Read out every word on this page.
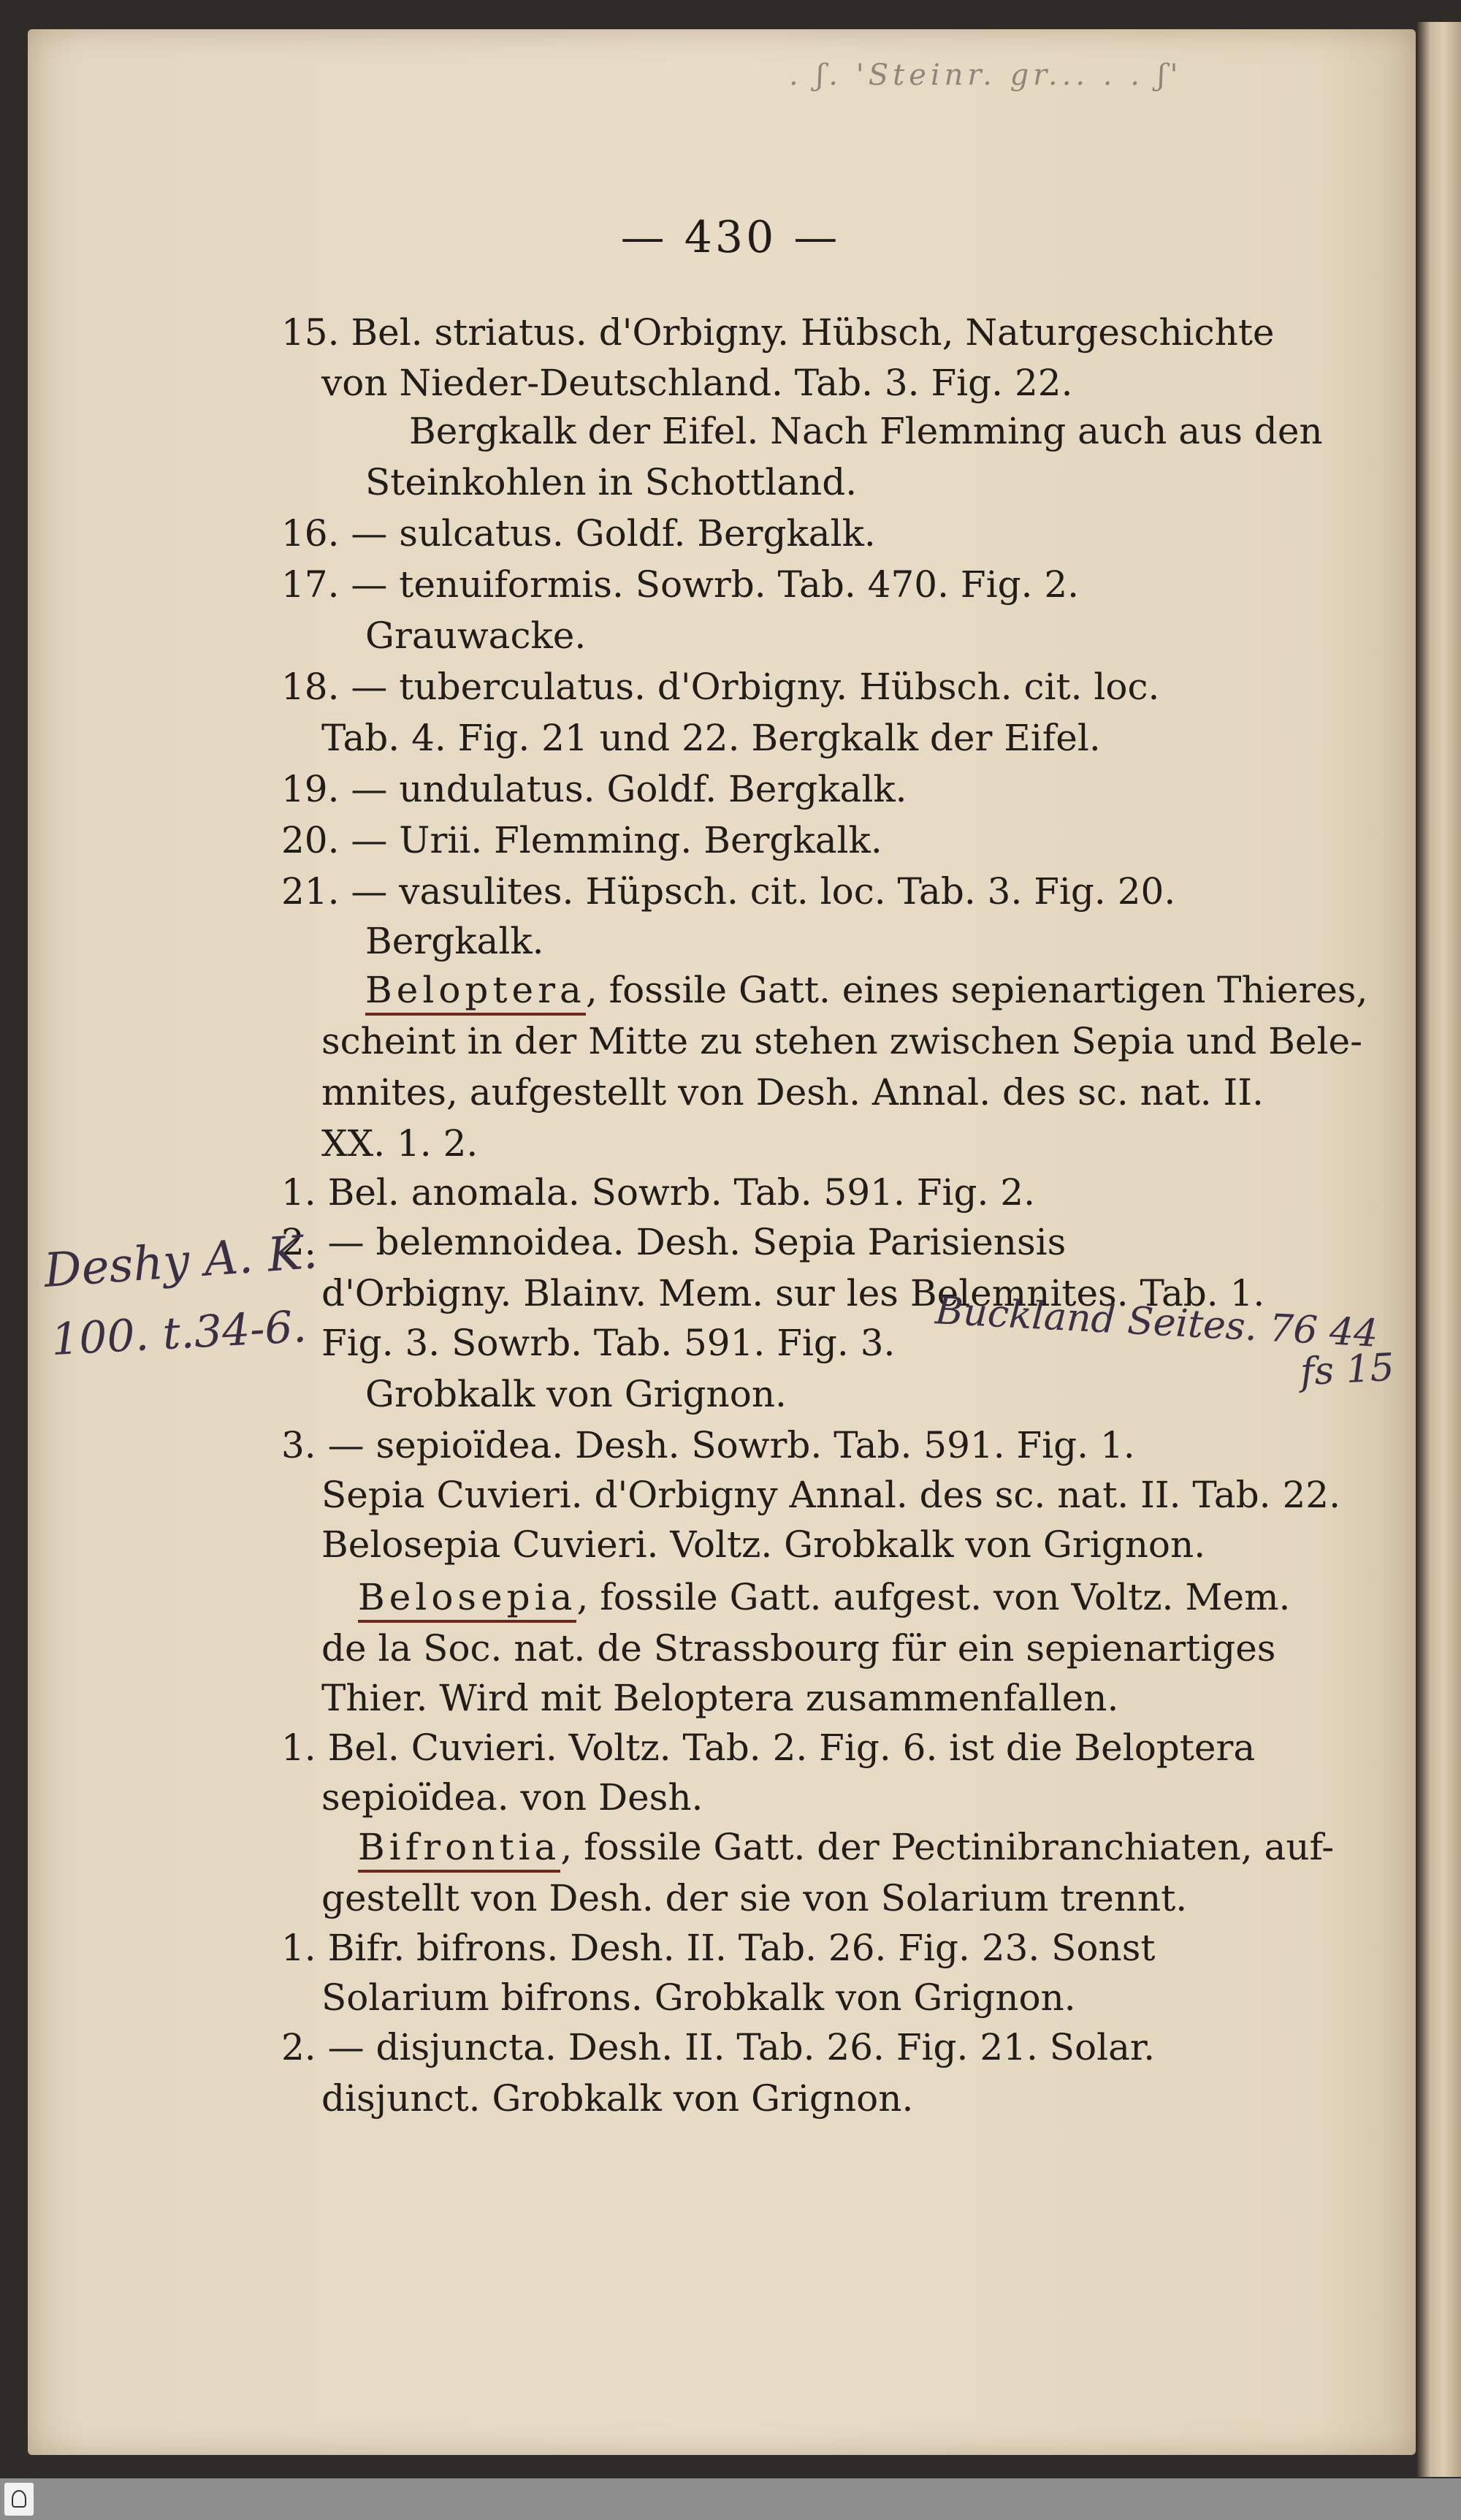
. ʃ. 'Steinr. gr... . . ʃ'
— 430 —
15. Bel. striatus. d'Orbigny. Hübsch, Naturgeschichte
von Nieder-Deutschland. Tab. 3. Fig. 22.
Bergkalk der Eifel. Nach Flemming auch aus den
Steinkohlen in Schottland.
16. — sulcatus. Goldf. Bergkalk.
17. — tenuiformis. Sowrb. Tab. 470. Fig. 2.
Grauwacke.
18. — tuberculatus. d'Orbigny. Hübsch. cit. loc.
Tab. 4. Fig. 21 und 22. Bergkalk der Eifel.
19. — undulatus. Goldf. Bergkalk.
20. — Urii. Flemming. Bergkalk.
21. — vasulites. Hüpsch. cit. loc. Tab. 3. Fig. 20.
Bergkalk.
Beloptera, fossile Gatt. eines sepienartigen Thieres,
scheint in der Mitte zu stehen zwischen Sepia und Bele-
mnites, aufgestellt von Desh. Annal. des sc. nat. II.
XX. 1. 2.
1. Bel. anomala. Sowrb. Tab. 591. Fig. 2.
2. — belemnoidea. Desh. Sepia Parisiensis
d'Orbigny. Blainv. Mem. sur les Belemnites. Tab. 1.
Fig. 3. Sowrb. Tab. 591. Fig. 3.
Grobkalk von Grignon.
3. — sepioïdea. Desh. Sowrb. Tab. 591. Fig. 1.
Sepia Cuvieri. d'Orbigny Annal. des sc. nat. II. Tab. 22.
Belosepia Cuvieri. Voltz. Grobkalk von Grignon.
Belosepia, fossile Gatt. aufgest. von Voltz. Mem.
de la Soc. nat. de Strassbourg für ein sepienartiges
Thier. Wird mit Beloptera zusammenfallen.
1. Bel. Cuvieri. Voltz. Tab. 2. Fig. 6. ist die Beloptera
sepioïdea. von Desh.
Bifrontia, fossile Gatt. der Pectinibranchiaten, auf-
gestellt von Desh. der sie von Solarium trennt.
1. Bifr. bifrons. Desh. II. Tab. 26. Fig. 23. Sonst
Solarium bifrons. Grobkalk von Grignon.
2. — disjuncta. Desh. II. Tab. 26. Fig. 21. Solar.
disjunct. Grobkalk von Grignon.
Deshy A. K.
100. t.34-6.	Buckland Seites. 76 44
fs 15
